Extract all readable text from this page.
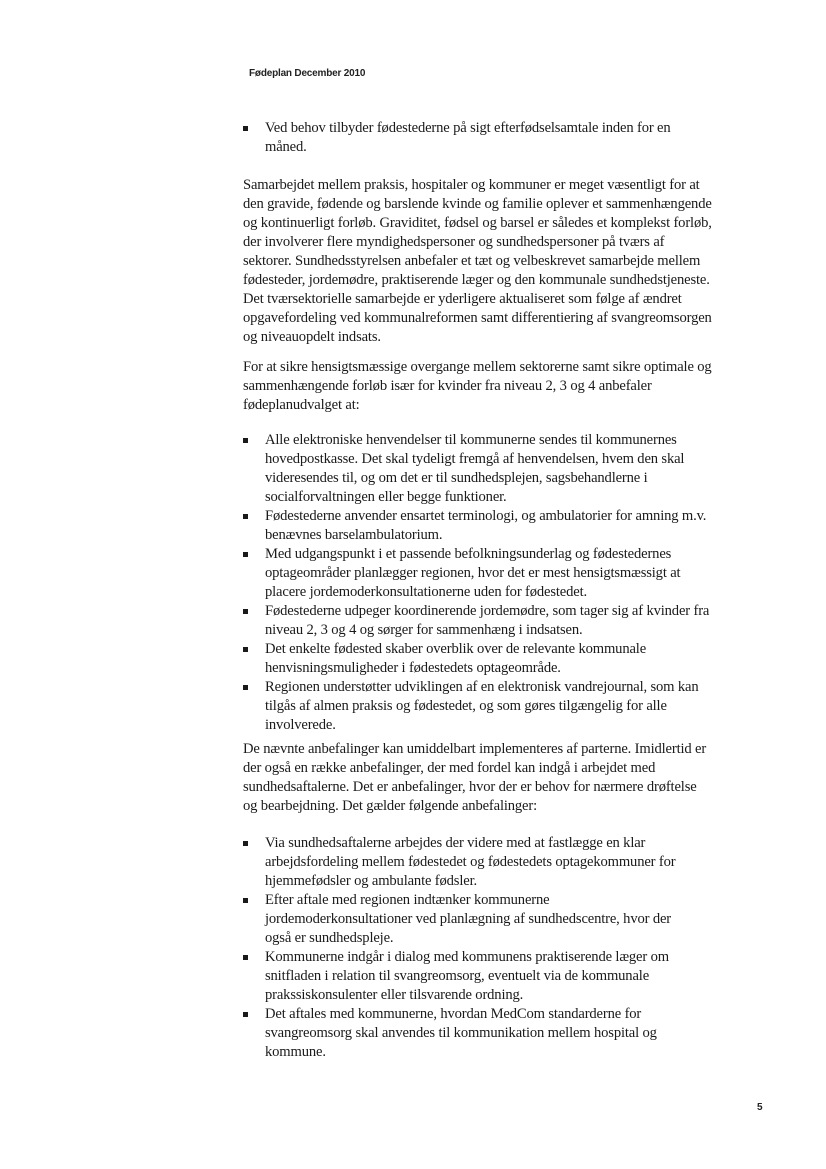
Fødeplan December 2010
Ved behov tilbyder fødestederne på sigt efterfødselsamtale inden for en måned.
Samarbejdet mellem praksis, hospitaler og kommuner er meget væsentligt for at den gravide, fødende og barslende kvinde og familie oplever et sammenhængende og kontinuerligt forløb. Graviditet, fødsel og barsel er således et komplekst forløb, der involverer flere myndighedspersoner og sundhedspersoner på tværs af sektorer. Sundhedsstyrelsen anbefaler et tæt og velbeskrevet samarbejde mellem fødesteder, jordemødre, praktiserende læger og den kommunale sundhedstjeneste. Det tværsektorielle samarbejde er yderligere aktualiseret som følge af ændret opgavefordeling ved kommunalreformen samt differentiering af svangreomsorgen og niveauopdelt indsats.
For at sikre hensigtsmæssige overgange mellem sektorerne samt sikre optimale og sammenhængende forløb især for kvinder fra niveau 2, 3 og 4 anbefaler fødeplanudvalget at:
Alle elektroniske henvendelser til kommunerne sendes til kommunernes hovedpostkasse. Det skal tydeligt fremgå af henvendelsen, hvem den skal videresendes til, og om det er til sundhedsplejen, sagsbehandlerne i socialforvaltningen eller begge funktioner.
Fødestederne anvender ensartet terminologi, og ambulatorier for amning m.v. benævnes barselambulatorium.
Med udgangspunkt i et passende befolkningsunderlag og fødestedernes optageområder planlægger regionen, hvor det er mest hensigtsmæssigt at placere jordemoderkonsultationerne uden for fødestedet.
Fødestederne udpeger koordinerende jordemødre, som tager sig af kvinder fra niveau 2, 3 og 4 og sørger for sammenhæng i indsatsen.
Det enkelte fødested skaber overblik over de relevante kommunale henvisningsmuligheder i fødestedets optageområde.
Regionen understøtter udviklingen af en elektronisk vandrejournal, som kan tilgås af almen praksis og fødestedet, og som gøres tilgængelig for alle involverede.
De nævnte anbefalinger kan umiddelbart implementeres af parterne. Imidlertid er der også en række anbefalinger, der med fordel kan indgå i arbejdet med sundhedsaftalerne. Det er anbefalinger, hvor der er behov for nærmere drøftelse og bearbejdning. Det gælder følgende anbefalinger:
Via sundhedsaftalerne arbejdes der videre med at fastlægge en klar arbejdsfordeling mellem fødestedet og fødestedets optagekommuner for hjemmefødsler og ambulante fødsler.
Efter aftale med regionen indtænker kommunerne jordemoderkonsultationer ved planlægning af sundhedscentre, hvor der også er sundhedspleje.
Kommunerne indgår i dialog med kommunens praktiserende læger om snitfladen i relation til svangreomsorg, eventuelt via de kommunale prakssiskonsulenter eller tilsvarende ordning.
Det aftales med kommunerne, hvordan MedCom standarderne for svangreomsorg skal anvendes til kommunikation mellem hospital og kommune.
5
